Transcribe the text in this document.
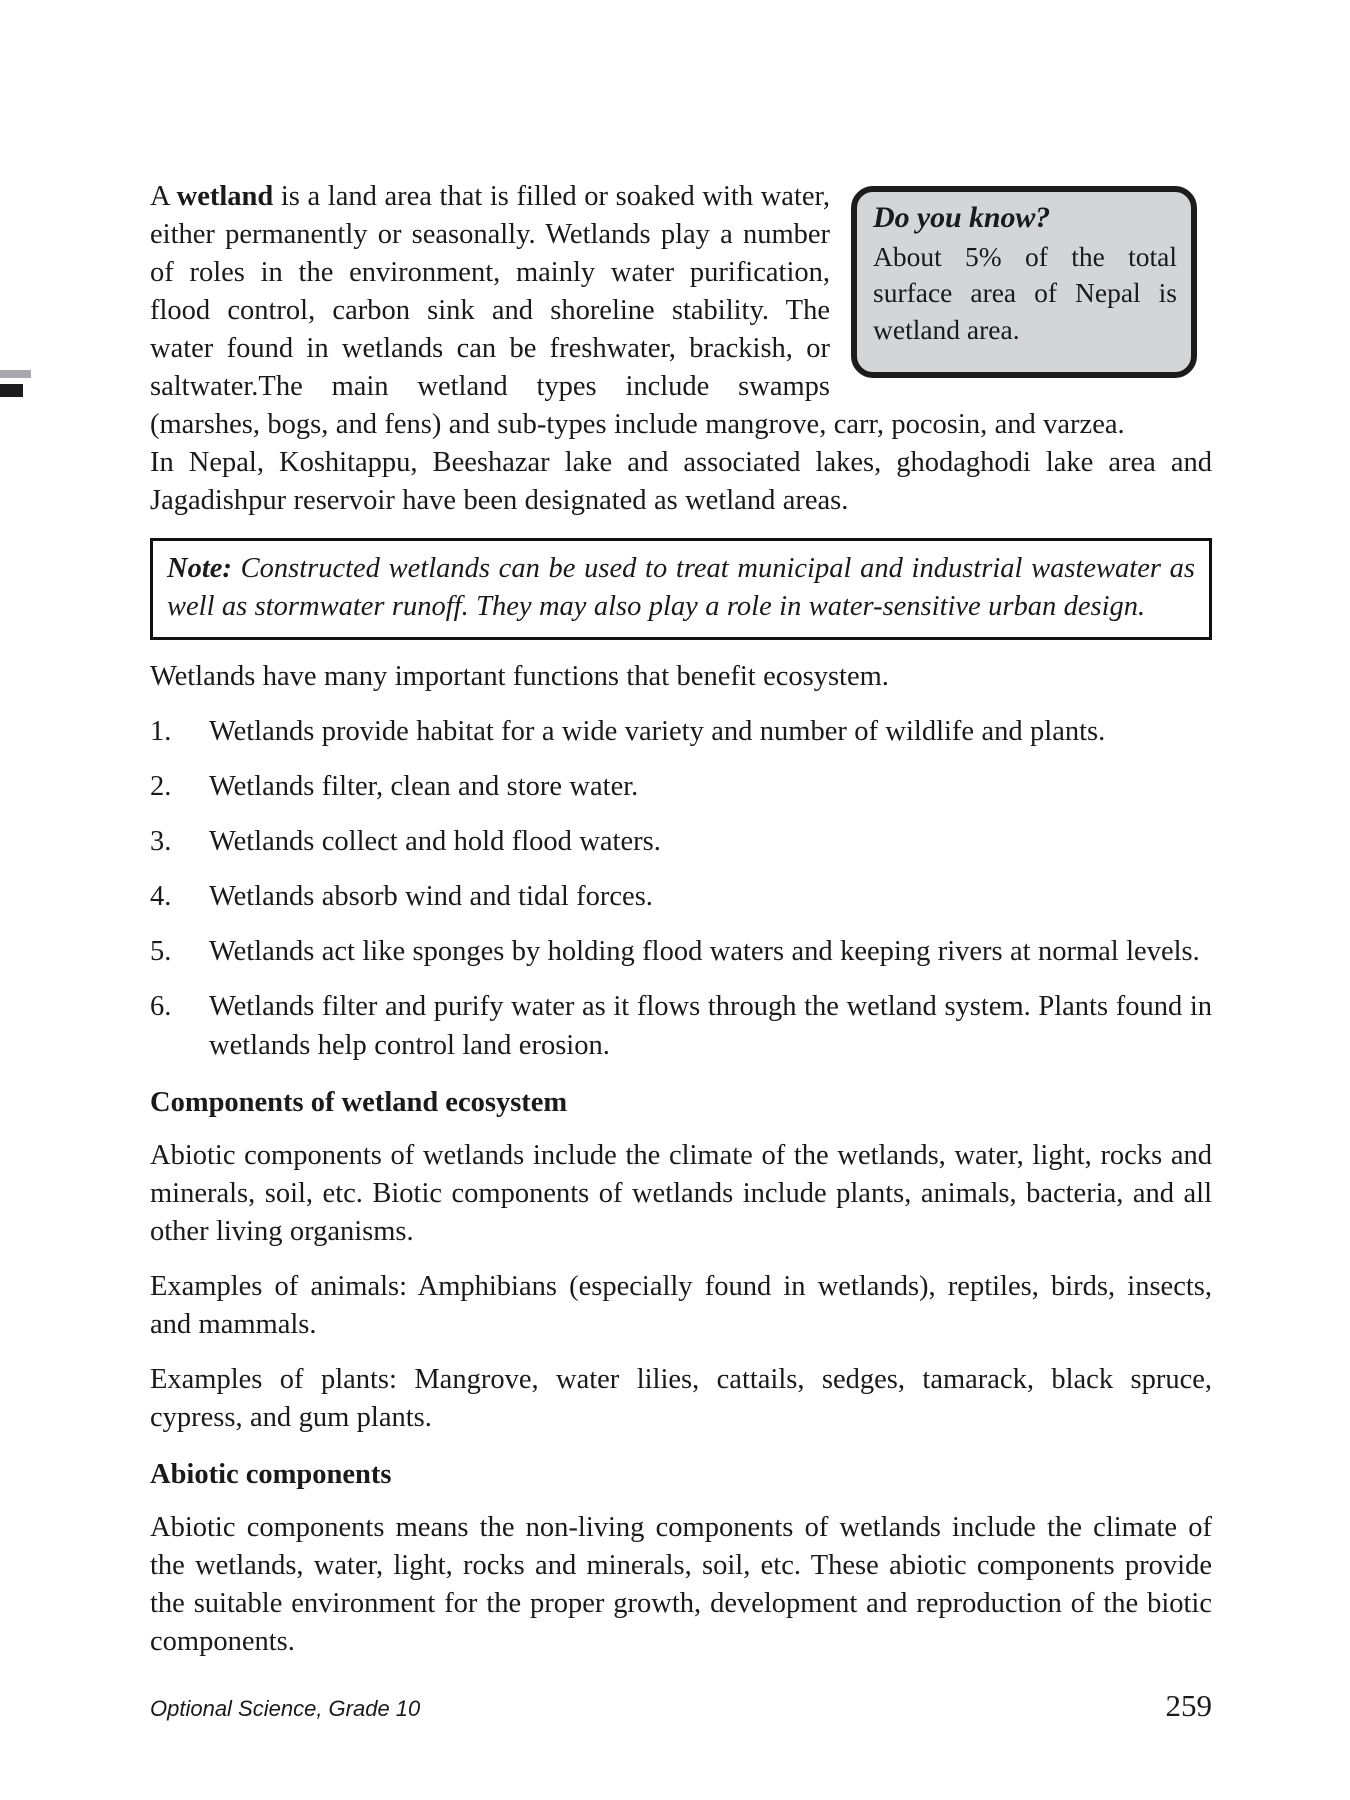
Do you know?
About 5% of the total surface area of Nepal is wetland area.

A wetland is a land area that is filled or soaked with water, either permanently or seasonally. Wetlands play a number of roles in the environment, mainly water purification, flood control, carbon sink and shoreline stability. The water found in wetlands can be freshwater, brackish, or saltwater.The main wetland types include swamps (marshes, bogs, and fens) and sub-types include mangrove, carr, pocosin, and varzea.

In Nepal, Koshitappu, Beeshazar lake and associated lakes, ghodaghodi lake area and Jagadishpur reservoir have been designated as wetland areas.

Note: Constructed wetlands can be used to treat municipal and industrial wastewater as well as stormwater runoff. They may also play a role in water-sensitive urban design.

Wetlands have many important functions that benefit ecosystem.

1.	Wetlands provide habitat for a wide variety and number of wildlife and plants.
2.	Wetlands filter, clean and store water.
3.	Wetlands collect and hold flood waters.
4.	Wetlands absorb wind and tidal forces.
5.	Wetlands act like sponges by holding flood waters and keeping rivers at normal levels.
6.	Wetlands filter and purify water as it flows through the wetland system. Plants found in wetlands help control land erosion.
Components of wetland ecosystem

Abiotic components of wetlands include the climate of the wetlands, water, light, rocks and minerals, soil, etc. Biotic components of wetlands include plants, animals, bacteria, and all other living organisms.

Examples of animals: Amphibians (especially found in wetlands), reptiles, birds, insects, and mammals.

Examples of plants: Mangrove, water lilies, cattails, sedges, tamarack, black spruce, cypress, and gum plants.

Abiotic components

Abiotic components means the non-living components of wetlands include the climate of the wetlands, water, light, rocks and minerals, soil, etc. These abiotic components provide the suitable environment for the proper growth, development and reproduction of the biotic components.

Optional Science, Grade 10	259
